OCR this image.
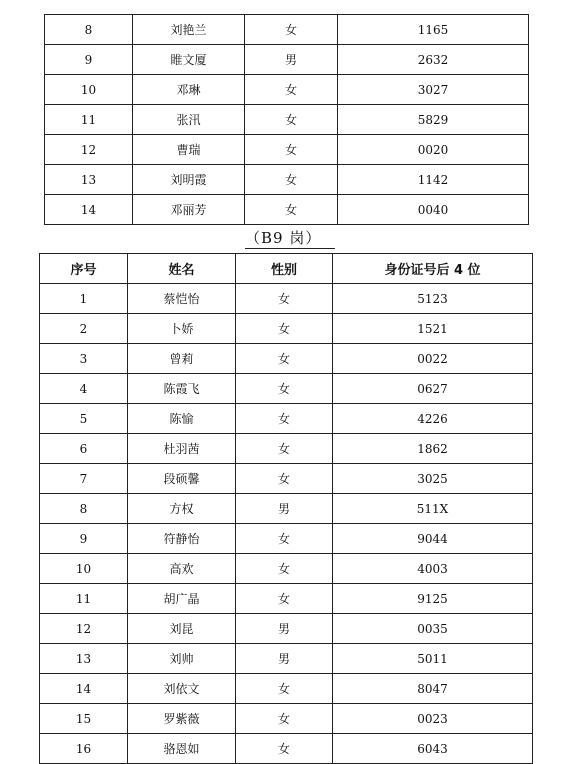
8	刘艳兰	女	1165
9	睢文厦	男	2632
10	邓琳	女	3027
11	张汛	女	5829
12	曹瑞	女	0020
13	刘明霞	女	1142
14	邓丽芳	女	0040
（B9 岗）
序号	姓名	性别	身份证号后 4 位
1	蔡恺怡	女	5123
2	卜娇	女	1521
3	曾莉	女	0022
4	陈霞飞	女	0627
5	陈愉	女	4226
6	杜羽茜	女	1862
7	段硕馨	女	3025
8	方权	男	511X
9	符静怡	女	9044
10	高欢	女	4003
11	胡广晶	女	9125
12	刘昆	男	0035
13	刘帅	男	5011
14	刘依文	女	8047
15	罗紫薇	女	0023
16	骆恩如	女	6043
